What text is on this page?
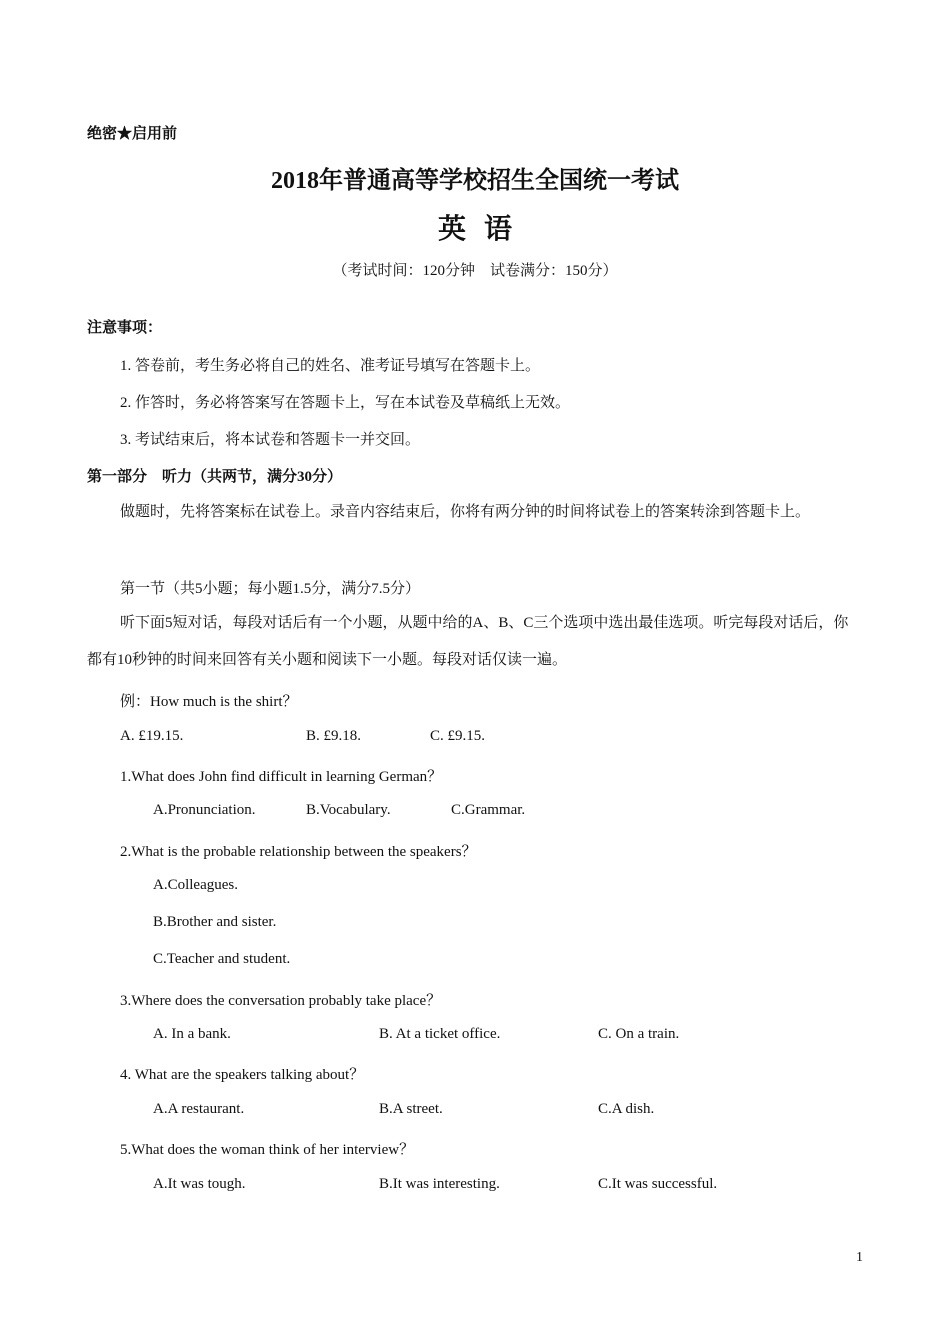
绝密★启用前
2018年普通高等学校招生全国统一考试
英语
（考试时间：120分钟　试卷满分：150分）
注意事项：
1. 答卷前，考生务必将自己的姓名、准考证号填写在答题卡上。
2. 作答时，务必将答案写在答题卡上，写在本试卷及草稿纸上无效。
3. 考试结束后，将本试卷和答题卡一并交回。
第一部分　听力（共两节，满分30分）
做题时，先将答案标在试卷上。录音内容结束后，你将有两分钟的时间将试卷上的答案转涂到答题卡上。
第一节（共5小题；每小题1.5分，满分7.5分）
听下面5短对话，每段对话后有一个小题，从题中给的A、B、C三个选项中选出最佳选项。听完每段对话后，你都有10秒钟的时间来回答有关小题和阅读下一小题。每段对话仅读一遍。
例：How much is the shirt？
A. £19.15.	B. £9.18.	C. £9.15.
1.What does John find difficult in learning German？
A.Pronunciation.	B.Vocabulary.	C.Grammar.
2.What is the probable relationship between the speakers？
A.Colleagues.
B.Brother and sister.
C.Teacher and student.
3.Where does the conversation probably take place？
A. In a bank.	B. At a ticket office.	C. On a train.
4. What are the speakers talking about？
A.A restaurant.	B.A street.	C.A dish.
5.What does the woman think of her interview？
A.It was tough.	B.It was interesting.	C.It was successful.
1
